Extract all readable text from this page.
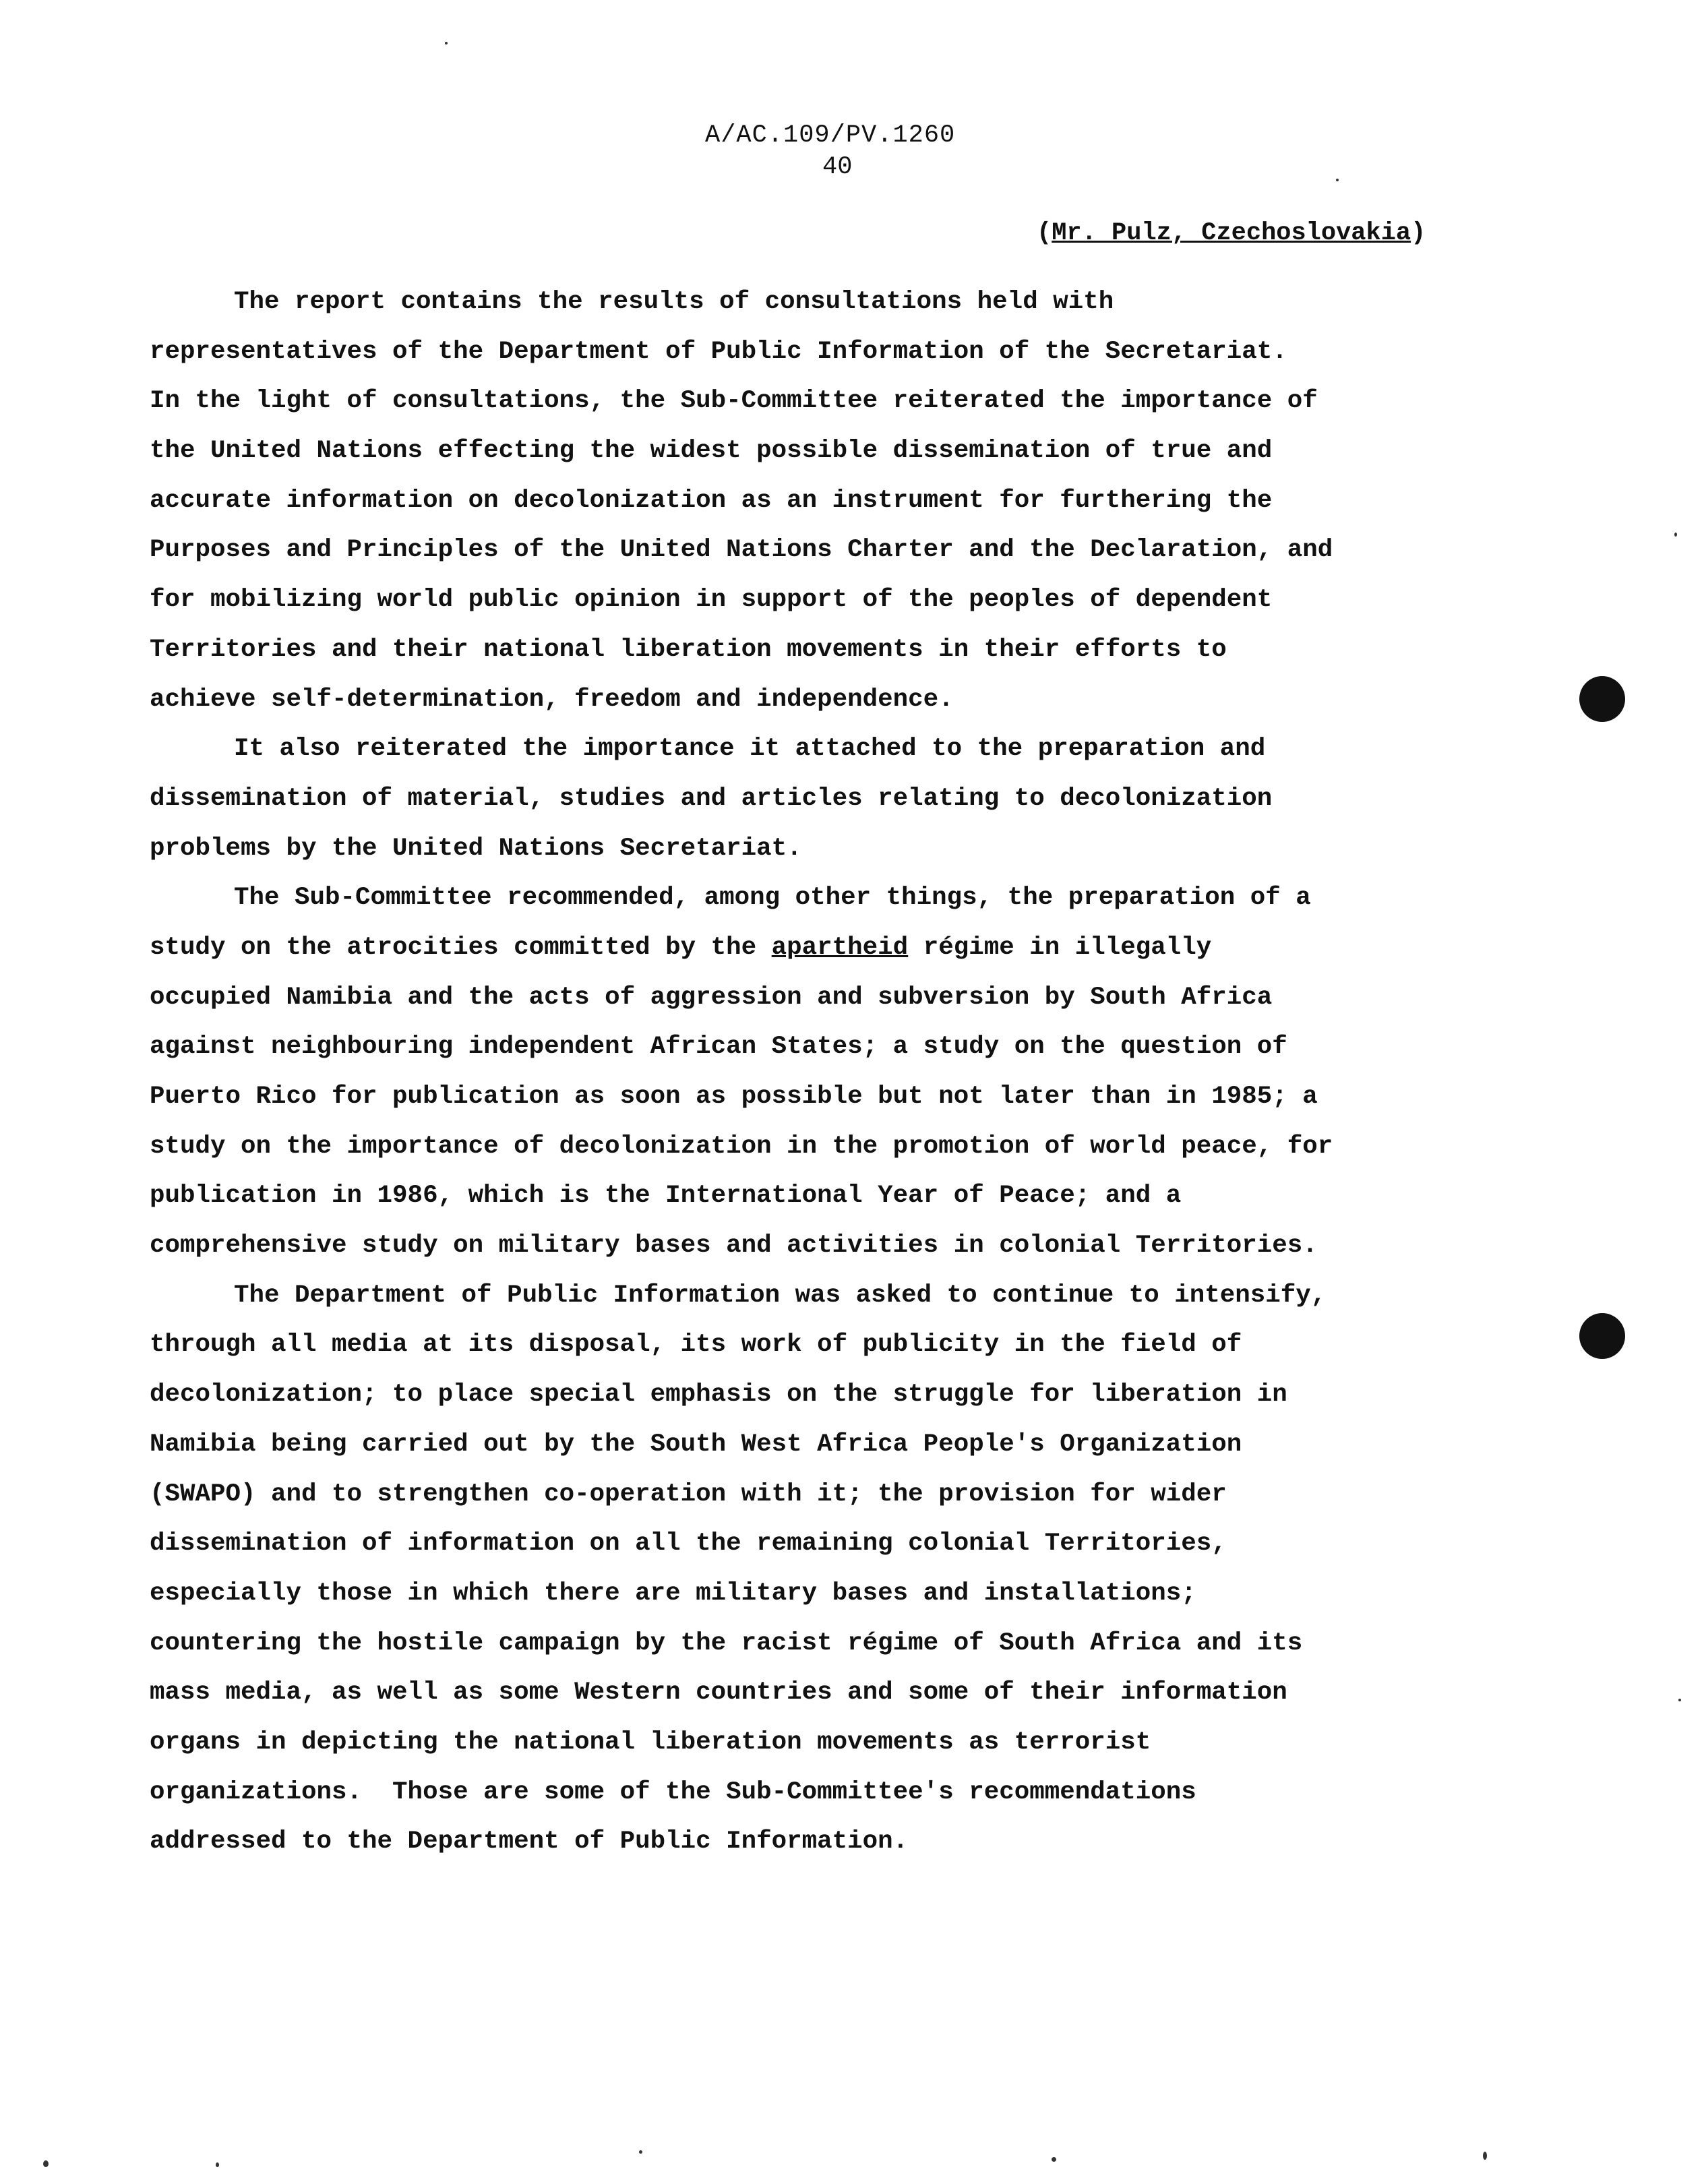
A/AC.109/PV.1260
40
(Mr. Pulz, Czechoslovakia)
The report contains the results of consultations held with
representatives of the Department of Public Information of the Secretariat.
In the light of consultations, the Sub-Committee reiterated the importance of
the United Nations effecting the widest possible dissemination of true and
accurate information on decolonization as an instrument for furthering the
Purposes and Principles of the United Nations Charter and the Declaration, and
for mobilizing world public opinion in support of the peoples of dependent
Territories and their national liberation movements in their efforts to
achieve self-determination, freedom and independence.
It also reiterated the importance it attached to the preparation and
dissemination of material, studies and articles relating to decolonization
problems by the United Nations Secretariat.
The Sub-Committee recommended, among other things, the preparation of a
study on the atrocities committed by the apartheid régime in illegally
occupied Namibia and the acts of aggression and subversion by South Africa
against neighbouring independent African States; a study on the question of
Puerto Rico for publication as soon as possible but not later than in 1985; a
study on the importance of decolonization in the promotion of world peace, for
publication in 1986, which is the International Year of Peace; and a
comprehensive study on military bases and activities in colonial Territories.
The Department of Public Information was asked to continue to intensify,
through all media at its disposal, its work of publicity in the field of
decolonization; to place special emphasis on the struggle for liberation in
Namibia being carried out by the South West Africa People's Organization
(SWAPO) and to strengthen co-operation with it; the provision for wider
dissemination of information on all the remaining colonial Territories,
especially those in which there are military bases and installations;
countering the hostile campaign by the racist régime of South Africa and its
mass media, as well as some Western countries and some of their information
organs in depicting the national liberation movements as terrorist
organizations.  Those are some of the Sub-Committee's recommendations
addressed to the Department of Public Information.
